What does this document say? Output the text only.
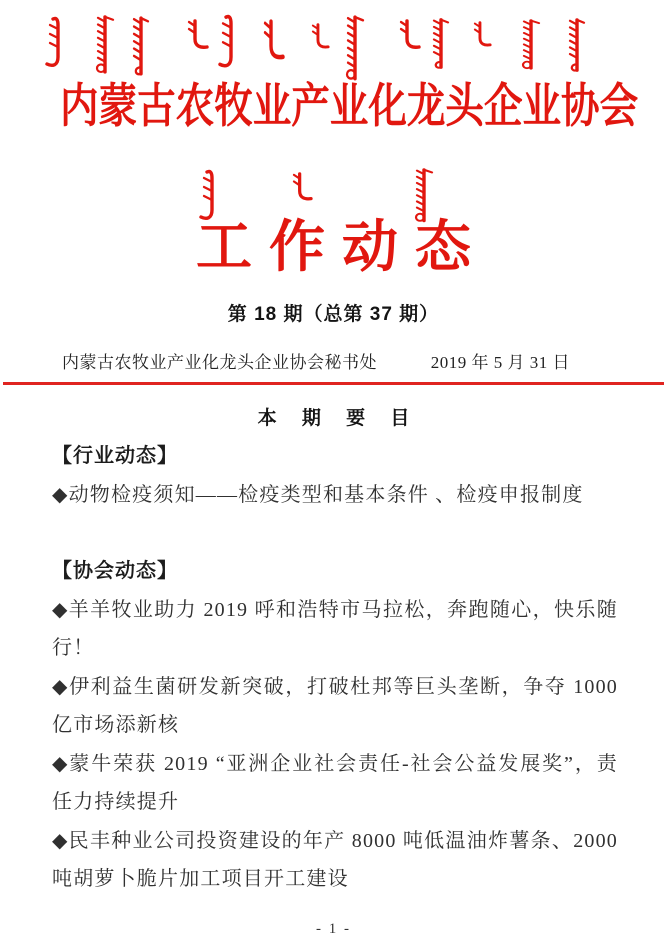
内蒙古农牧业产业化龙头企业协会
工作动态
第 18 期（总第 37 期）
内蒙古农牧业产业化龙头企业协会秘书处	2019 年 5 月 31 日
本 期 要 目
【行业动态】

◆动物检疫须知——检疫类型和基本条件 、检疫申报制度

【协会动态】

◆羊羊牧业助力 2019 呼和浩特市马拉松，奔跑随心，快乐随行！

◆伊利益生菌研发新突破，打破杜邦等巨头垄断，争夺 1000 亿市场添新核

◆蒙牛荣获 2019 “亚洲企业社会责任-社会公益发展奖”，责任力持续提升

◆民丰种业公司投资建设的年产 8000 吨低温油炸薯条、2000 吨胡萝卜脆片加工项目开工建设

- 1 -
